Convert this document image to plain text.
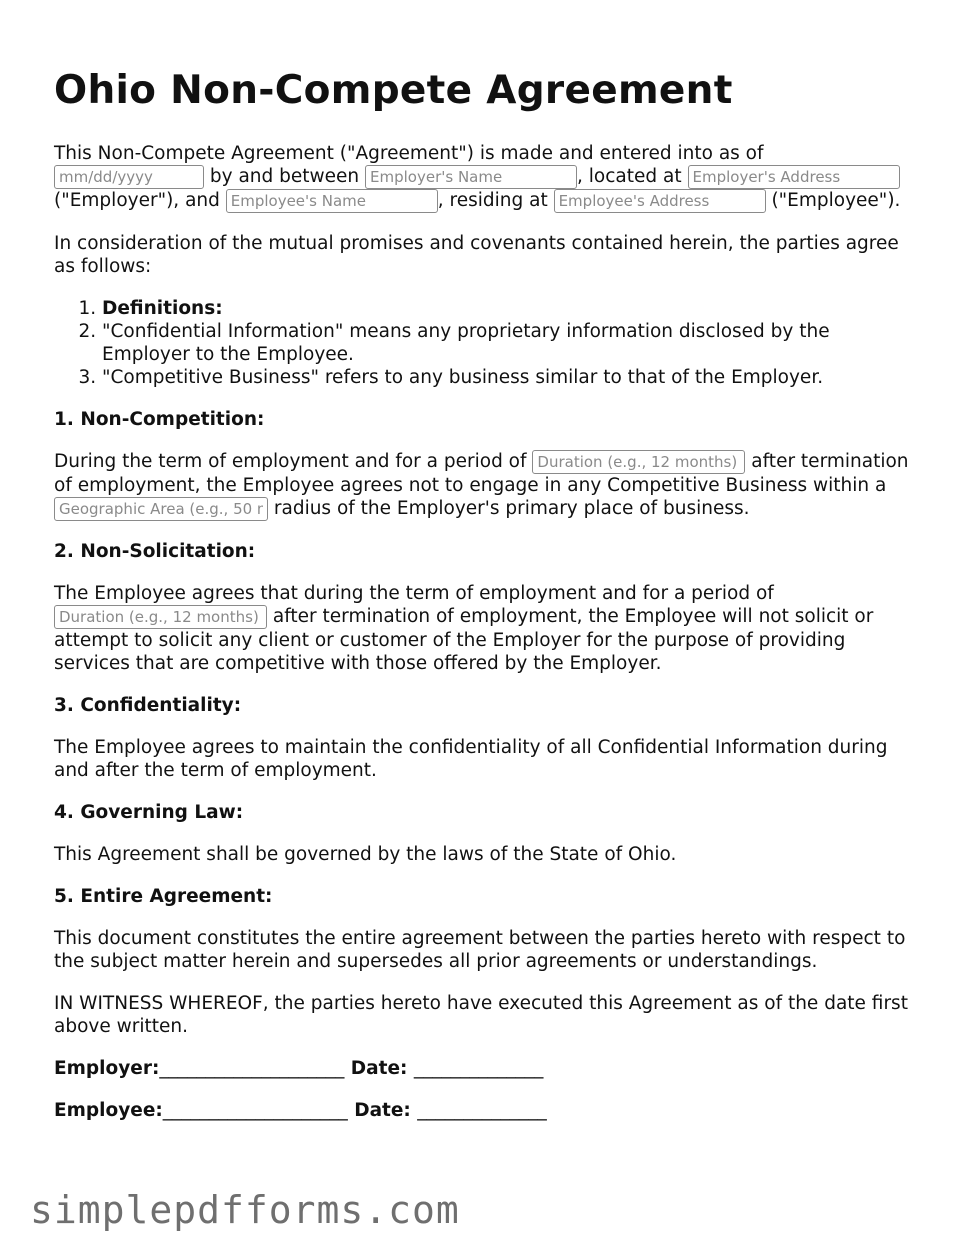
Ohio Non-Compete Agreement

This Non-Compete Agreement ("Agreement") is made and entered into as of
mm/dd/yyyy by and between Employer's Name	, located at Employer's Address ("Employer"), and Employee's Name	, residing at Employee's Address	("Employee").

In consideration of the mutual promises and covenants contained herein, the parties agree as follows:

1. Definitions:
2. "Confidential Information" means any proprietary information disclosed by the Employer to the Employee.
3. "Competitive Business" refers to any business similar to that of the Employer.
1. Non-Competition:

During the term of employment and for a period of Duration (e.g., 12 months)	after termination of employment, the Employee agrees not to engage in any Competitive Business within a Geographic Area (e.g., 50 miles) radius of the Employer's primary place of business.

2. Non-Solicitation:

The Employee agrees that during the term of employment and for a period of Duration (e.g., 12 months) after termination of employment, the Employee will not solicit or attempt to solicit any client or customer of the Employer for the purpose of providing services that are competitive with those offered by the Employer.

3. Confidentiality:

The Employee agrees to maintain the confidentiality of all Confidential Information during and after the term of employment.

4. Governing Law:

This Agreement shall be governed by the laws of the State of Ohio.

5. Entire Agreement:

This document constitutes the entire agreement between the parties hereto with respect to the subject matter herein and supersedes all prior agreements or understandings.

IN WITNESS WHEREOF, the parties hereto have executed this Agreement as of the date first above written.

Employer:____________________ Date: ______________
Employee:____________________ Date: ______________
simplepdfforms.com
